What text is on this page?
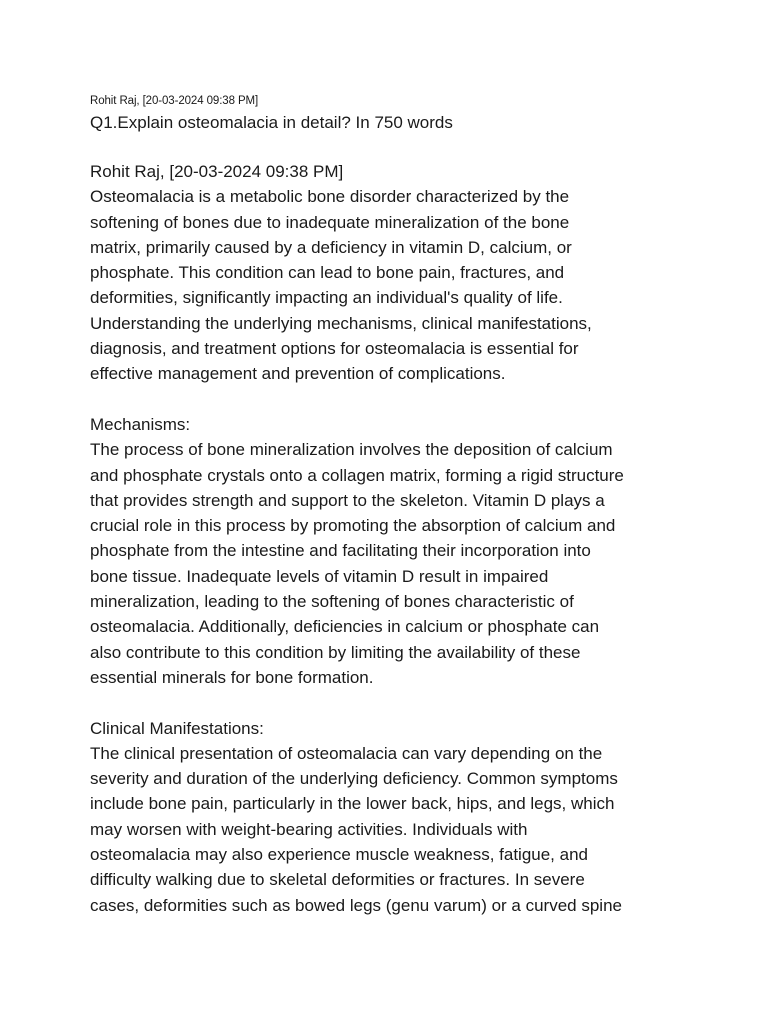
Rohit Raj, [20-03-2024 09:38 PM]

Q1.Explain osteomalacia in detail? In 750 words

Rohit Raj, [20-03-2024 09:38 PM]

Osteomalacia is a metabolic bone disorder characterized by the
softening of bones due to inadequate mineralization of the bone
matrix, primarily caused by a deficiency in vitamin D, calcium, or
phosphate. This condition can lead to bone pain, fractures, and
deformities, significantly impacting an individual's quality of life.
Understanding the underlying mechanisms, clinical manifestations,
diagnosis, and treatment options for osteomalacia is essential for
effective management and prevention of complications.
Mechanisms:
The process of bone mineralization involves the deposition of calcium
and phosphate crystals onto a collagen matrix, forming a rigid structure
that provides strength and support to the skeleton. Vitamin D plays a
crucial role in this process by promoting the absorption of calcium and
phosphate from the intestine and facilitating their incorporation into
bone tissue. Inadequate levels of vitamin D result in impaired
mineralization, leading to the softening of bones characteristic of
osteomalacia. Additionally, deficiencies in calcium or phosphate can
also contribute to this condition by limiting the availability of these
essential minerals for bone formation.
Clinical Manifestations:
The clinical presentation of osteomalacia can vary depending on the
severity and duration of the underlying deficiency. Common symptoms
include bone pain, particularly in the lower back, hips, and legs, which
may worsen with weight-bearing activities. Individuals with
osteomalacia may also experience muscle weakness, fatigue, and
difficulty walking due to skeletal deformities or fractures. In severe
cases, deformities such as bowed legs (genu varum) or a curved spine
